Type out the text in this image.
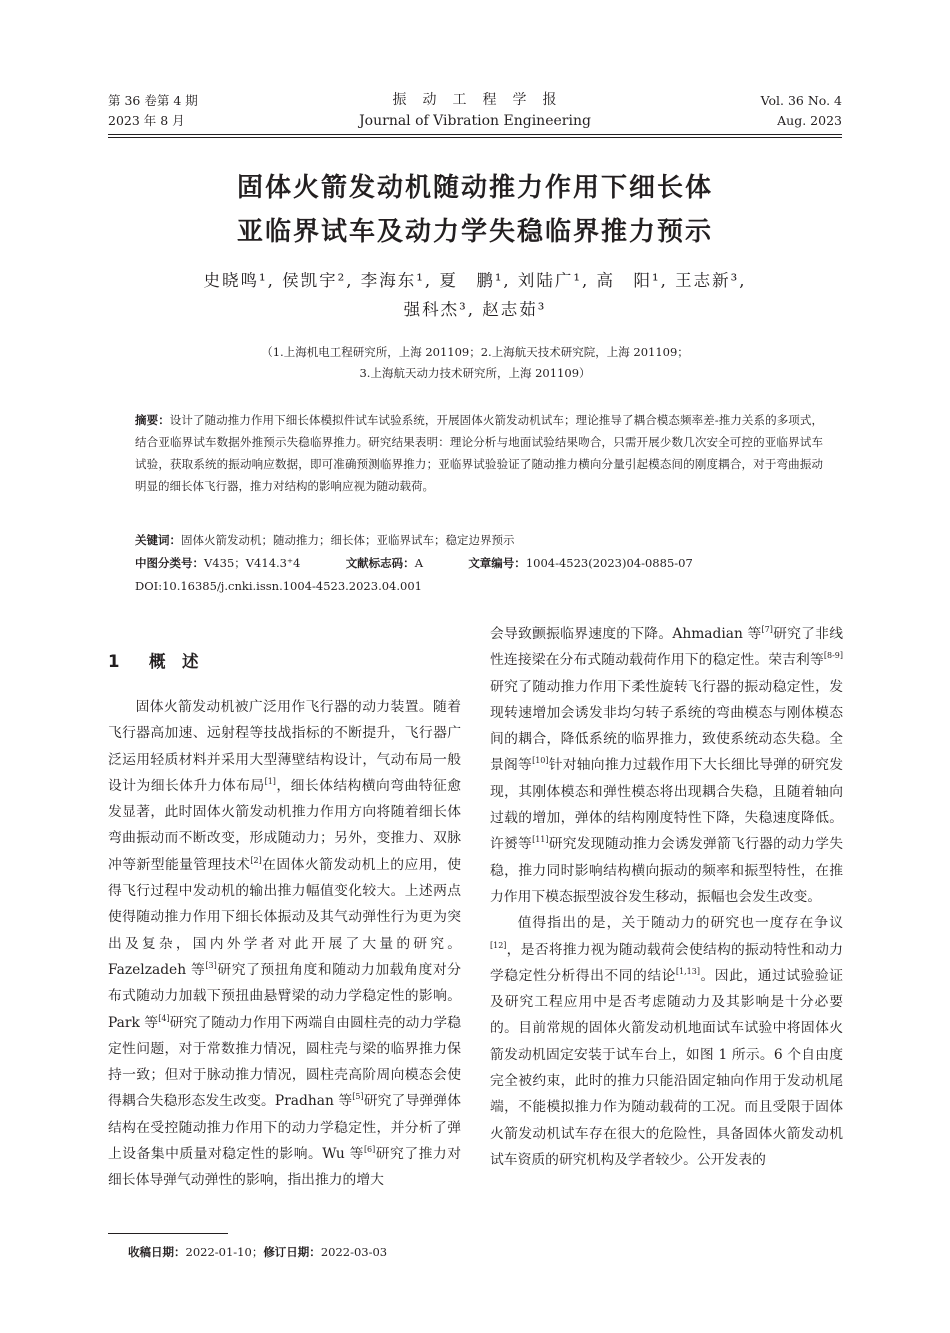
第 36 卷第 4 期
2023 年 8 月
振　动　工　程　学　报
Journal of Vibration Engineering
Vol. 36 No. 4
Aug. 2023
固体火箭发动机随动推力作用下细长体
亚临界试车及动力学失稳临界推力预示
史晓鸣¹, 侯凯宇², 李海东¹, 夏　鹏¹, 刘陆广¹, 高　阳¹, 王志新³,
强科杰³, 赵志茹³
（1.上海机电工程研究所，上海 201109；2.上海航天技术研究院，上海 201109；
3.上海航天动力技术研究所，上海 201109）
摘要：设计了随动推力作用下细长体模拟件试车试验系统，开展固体火箭发动机试车；理论推导了耦合模态频率差-推力关系的多项式，结合亚临界试车数据外推预示失稳临界推力。研究结果表明：理论分析与地面试验结果吻合，只需开展少数几次安全可控的亚临界试车试验，获取系统的振动响应数据，即可准确预测临界推力；亚临界试验验证了随动推力横向分量引起模态间的刚度耦合，对于弯曲振动明显的细长体飞行器，推力对结构的影响应视为随动载荷。
关键词：固体火箭发动机；随动推力；细长体；亚临界试车；稳定边界预示
中图分类号：V435；V414.3⁺4	文献标志码：A	文章编号：1004-4523(2023)04-0885-07
DOI:10.16385/j.cnki.issn.1004-4523.2023.04.001
1 概　述

固体火箭发动机被广泛用作飞行器的动力装置。随着飞行器高加速、远射程等技战指标的不断提升，飞行器广泛运用轻质材料并采用大型薄壁结构设计，气动布局一般设计为细长体升力体布局[1]，细长体结构横向弯曲特征愈发显著，此时固体火箭发动机推力作用方向将随着细长体弯曲振动而不断改变，形成随动力；另外，变推力、双脉冲等新型能量管理技术[2]在固体火箭发动机上的应用，使得飞行过程中发动机的输出推力幅值变化较大。上述两点使得随动推力作用下细长体振动及其气动弹性行为更为突出及复杂，国内外学者对此开展了大量的研究。Fazelzadeh 等[3]研究了预扭角度和随动力加载角度对分布式随动力加载下预扭曲悬臂梁的动力学稳定性的影响。Park 等[4]研究了随动力作用下两端自由圆柱壳的动力学稳定性问题，对于常数推力情况，圆柱壳与梁的临界推力保持一致；但对于脉动推力情况，圆柱壳高阶周向模态会使得耦合失稳形态发生改变。Pradhan 等[5]研究了导弹弹体结构在受控随动推力作用下的动力学稳定性，并分析了弹上设备集中质量对稳定性的影响。Wu 等[6]研究了推力对细长体导弹气动弹性的影响，指出推力的增大

会导致颤振临界速度的下降。Ahmadian 等[7]研究了非线性连接梁在分布式随动载荷作用下的稳定性。荣吉利等[8-9]研究了随动推力作用下柔性旋转飞行器的振动稳定性，发现转速增加会诱发非均匀转子系统的弯曲模态与刚体模态间的耦合，降低系统的临界推力，致使系统动态失稳。全景阁等[10]针对轴向推力过载作用下大长细比导弹的研究发现，其刚体模态和弹性模态将出现耦合失稳，且随着轴向过载的增加，弹体的结构刚度特性下降，失稳速度降低。许赟等[11]研究发现随动推力会诱发弹箭飞行器的动力学失稳，推力同时影响结构横向振动的频率和振型特性，在推力作用下模态振型波谷发生移动，振幅也会发生改变。

值得指出的是，关于随动力的研究也一度存在争议[12]，是否将推力视为随动载荷会使结构的振动特性和动力学稳定性分析得出不同的结论[1,13]。因此，通过试验验证及研究工程应用中是否考虑随动力及其影响是十分必要的。目前常规的固体火箭发动机地面试车试验中将固体火箭发动机固定安装于试车台上，如图 1 所示。6 个自由度完全被约束，此时的推力只能沿固定轴向作用于发动机尾端，不能模拟推力作为随动载荷的工况。而且受限于固体火箭发动机试车存在很大的危险性，具备固体火箭发动机试车资质的研究机构及学者较少。公开发表的

收稿日期：2022-01-10；修订日期：2022-03-03
